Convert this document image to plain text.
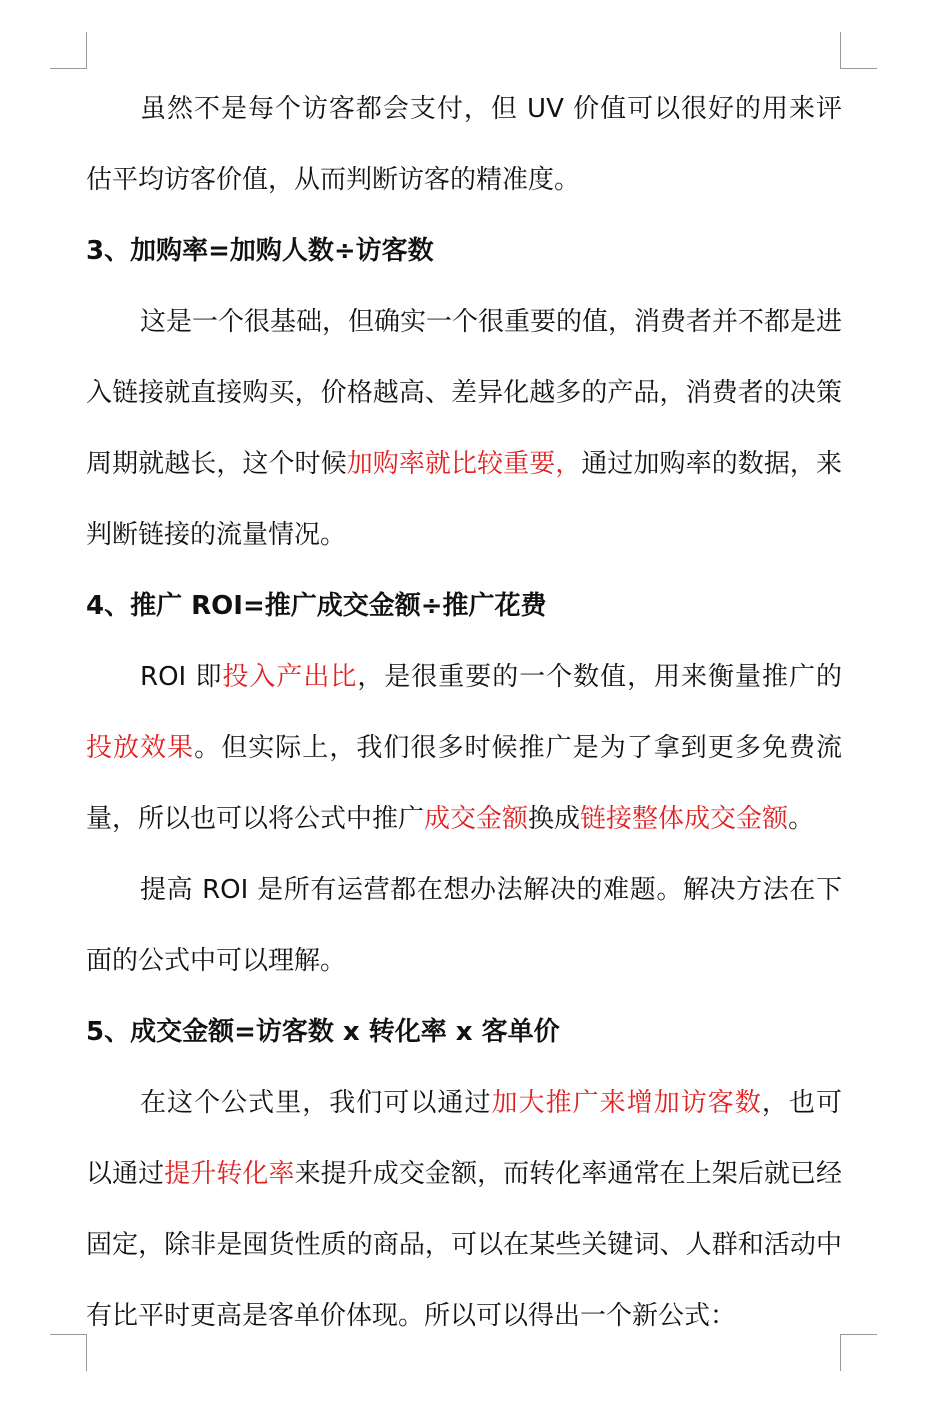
虽然不是每个访客都会支付，但 UV 价值可以很好的用来评估平均访客价值，从而判断访客的精准度。

3、加购率=加购人数÷访客数

这是一个很基础，但确实一个很重要的值，消费者并不都是进入链接就直接购买，价格越高、差异化越多的产品，消费者的决策周期就越长，这个时候加购率就比较重要，通过加购率的数据，来判断链接的流量情况。

4、推广 ROI=推广成交金额÷推广花费

ROI 即投入产出比，是很重要的一个数值，用来衡量推广的投放效果。但实际上，我们很多时候推广是为了拿到更多免费流量，所以也可以将公式中推广成交金额换成链接整体成交金额。

提高 ROI 是所有运营都在想办法解决的难题。解决方法在下面的公式中可以理解。

5、成交金额=访客数 x 转化率 x 客单价

在这个公式里，我们可以通过加大推广来增加访客数，也可以通过提升转化率来提升成交金额，而转化率通常在上架后就已经固定，除非是囤货性质的商品，可以在某些关键词、人群和活动中有比平时更高是客单价体现。所以可以得出一个新公式：
